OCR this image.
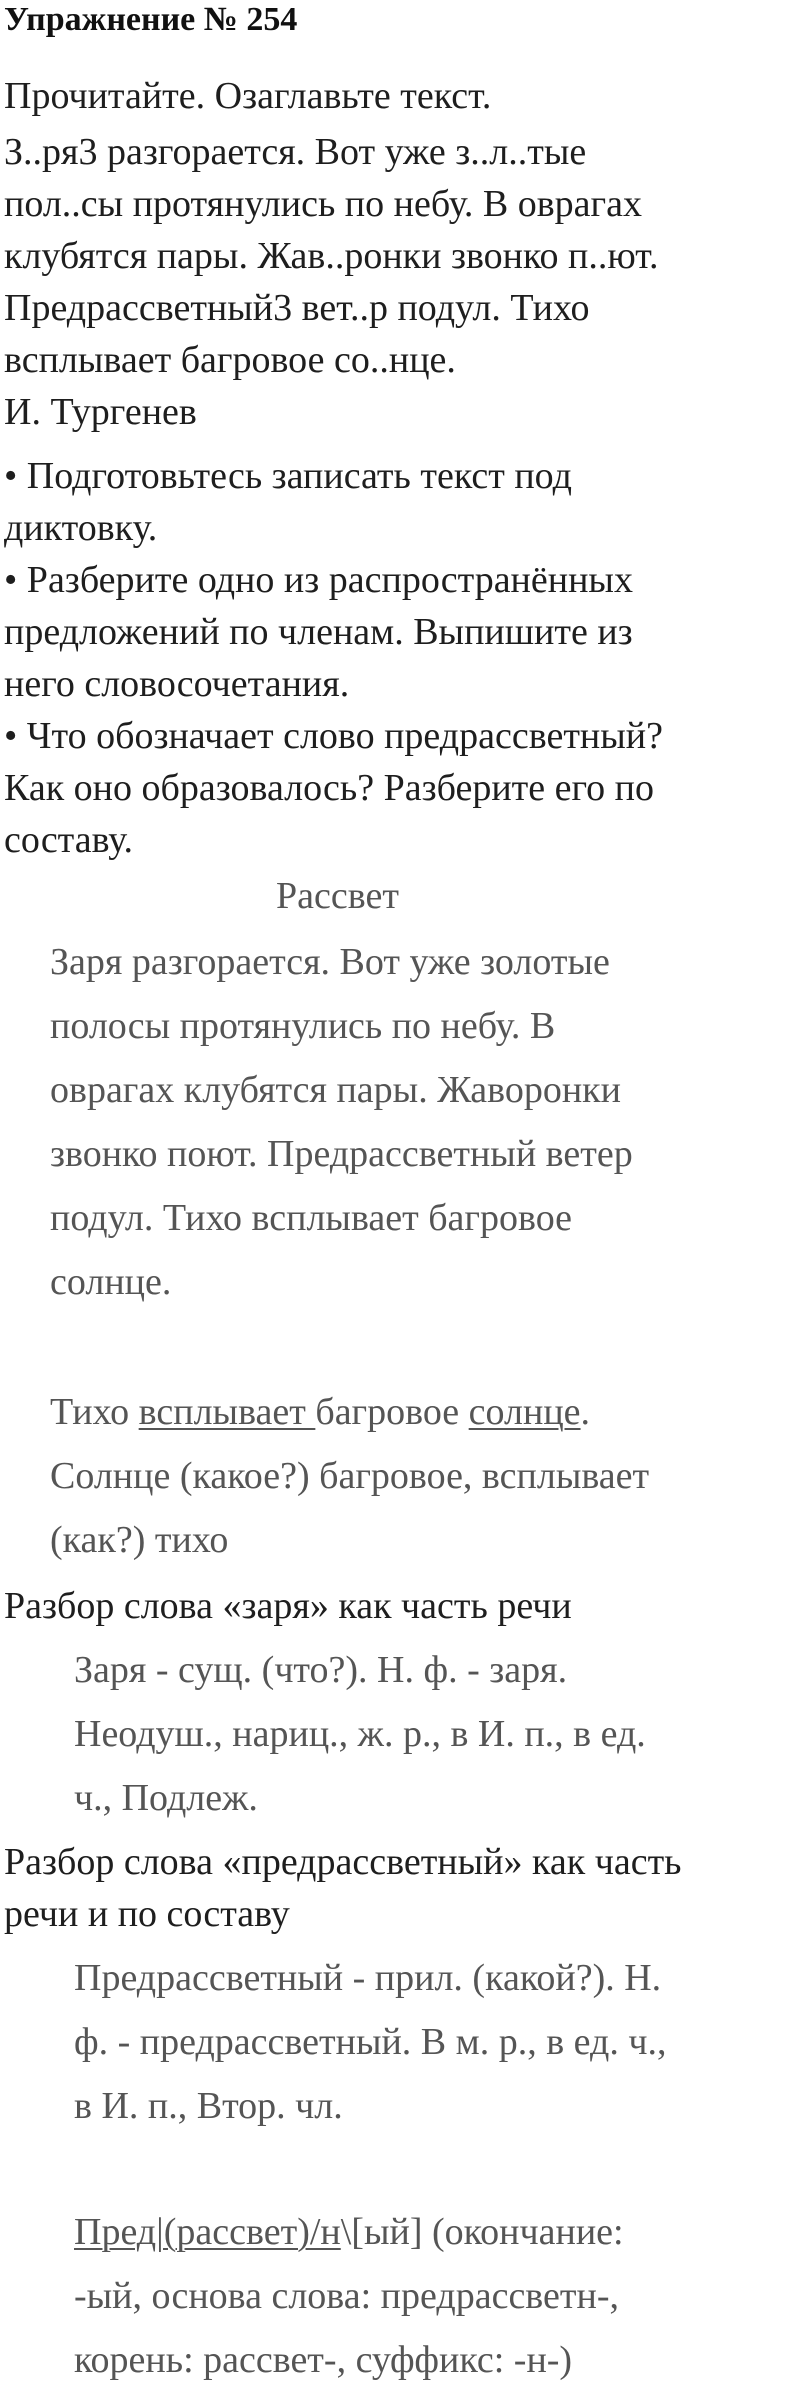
Упражнение № 254
Прочитайте. Озаглавьте текст.
З..ря3 разгорается. Вот уже з..л..тые
пол..сы протянулись по небу. В оврагах
клубятся пары. Жав..ронки звонко п..ют.
Предрассветный3 вет..р подул. Тихо
всплывает багровое со..нце.
И. Тургенев
• Подготовьтесь записать текст под
диктовку.
• Разберите одно из распространённых
предложений по членам. Выпишите из
него словосочетания.
• Что обозначает слово предрассветный?
Как оно образовалось? Разберите его по
составу.
Рассвет
Заря разгорается. Вот уже золотые
полосы протянулись по небу. В
оврагах клубятся пары. Жаворонки
звонко поют. Предрассветный ветер
подул. Тихо всплывает багровое
солнце.
Тихо всплывает багровое солнце.
Солнце (какое?) багровое, всплывает
(как?) тихо
Разбор слова «заря» как часть речи
Заря - сущ. (что?). Н. ф. - заря.
Неодуш., нариц., ж. р., в И. п., в ед.
ч., Подлеж.
Разбор слова «предрассветный» как часть
речи и по составу
Предрассветный - прил. (какой?). Н.
ф. - предрассветный. В м. р., в ед. ч.,
в И. п., Втор. чл.
Пред|(рассвет)/н\[ый] (окончание:
-ый, основа слова: предрассветн-,
корень: рассвет-, суффикс: -н-)
